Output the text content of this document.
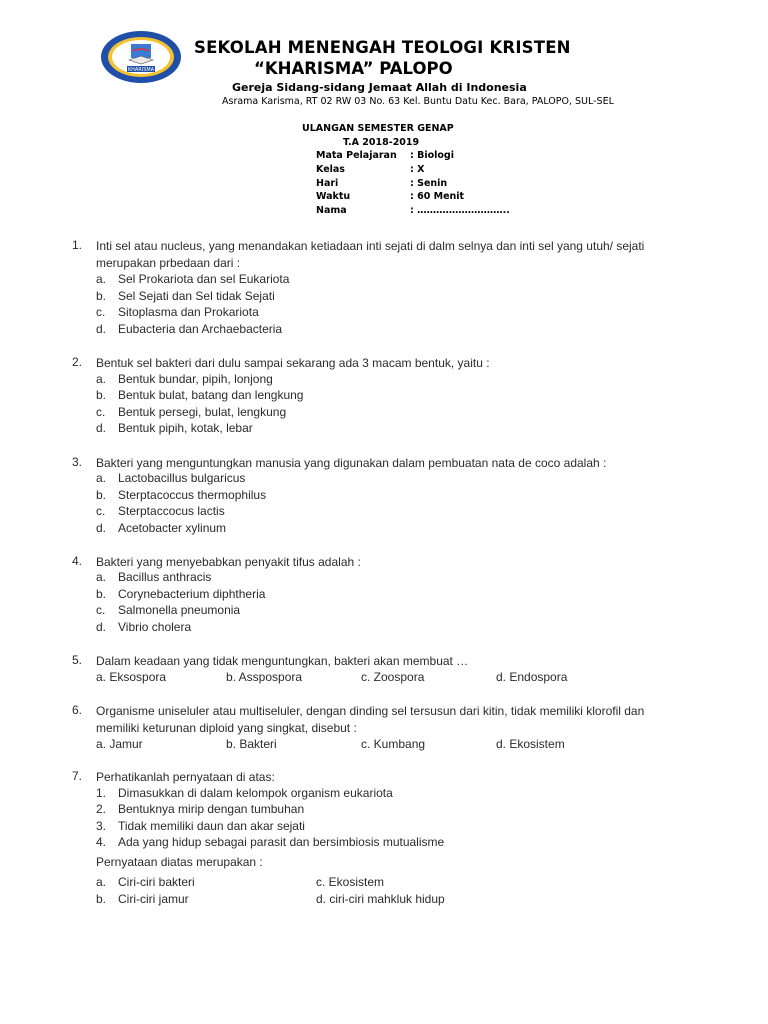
KHARISMA
SEKOLAH MENENGAH TEOLOGI KRISTEN
“KHARISMA” PALOPO
Gereja Sidang-sidang Jemaat Allah di Indonesia
Asrama Karisma, RT 02 RW 03 No. 63 Kel. Buntu Datu Kec. Bara, PALOPO, SUL-SEL
ULANGAN SEMESTER GENAP
T.A 2018-2019
Mata Pelajaran : Biologi
Kelas	: X
Hari	: Senin
Waktu	: 60 Menit
Nama	: ………………………..
1. Inti sel atau nucleus, yang menandakan ketiadaan inti sejati di dalm selnya dan inti sel yang utuh/ sejati merupakan prbedaan dari :
a. Sel Prokariota dan sel Eukariota
b. Sel Sejati dan Sel tidak Sejati
c. Sitoplasma dan Prokariota
d. Eubacteria dan Archaebacteria
2. Bentuk sel bakteri dari dulu sampai sekarang ada 3 macam bentuk, yaitu :
a. Bentuk bundar, pipih, lonjong
b. Bentuk bulat, batang dan lengkung
c. Bentuk persegi, bulat, lengkung
d. Bentuk pipih, kotak, lebar
3. Bakteri yang menguntungkan manusia yang digunakan dalam pembuatan nata de coco adalah :
a. Lactobacillus bulgaricus
b. Sterptacoccus thermophilus
c. Sterptaccocus lactis
d. Acetobacter xylinum
4. Bakteri yang menyebabkan penyakit tifus adalah :
a. Bacillus anthracis
b. Corynebacterium diphtheria
c. Salmonella pneumonia
d. Vibrio cholera
5. Dalam keadaan yang tidak menguntungkan, bakteri akan membuat …
a. Eksospora	b. Asspospora	c. Zoospora	d. Endospora
6. Organisme uniseluler atau multiseluler, dengan dinding sel tersusun dari kitin, tidak memiliki klorofil dan memiliki keturunan diploid yang singkat, disebut :
a. Jamur	b. Bakteri	c. Kumbang	d. Ekosistem
7. Perhatikanlah pernyataan di atas:
1. Dimasukkan di dalam kelompok organism eukariota
2. Bentuknya mirip dengan tumbuhan
3. Tidak memiliki daun dan akar sejati
4. Ada yang hidup sebagai parasit dan bersimbiosis mutualisme
Pernyataan diatas merupakan :
a. Ciri-ciri bakteri	c. Ekosistem
b. Ciri-ciri jamur	d. ciri-ciri mahkluk hidup
